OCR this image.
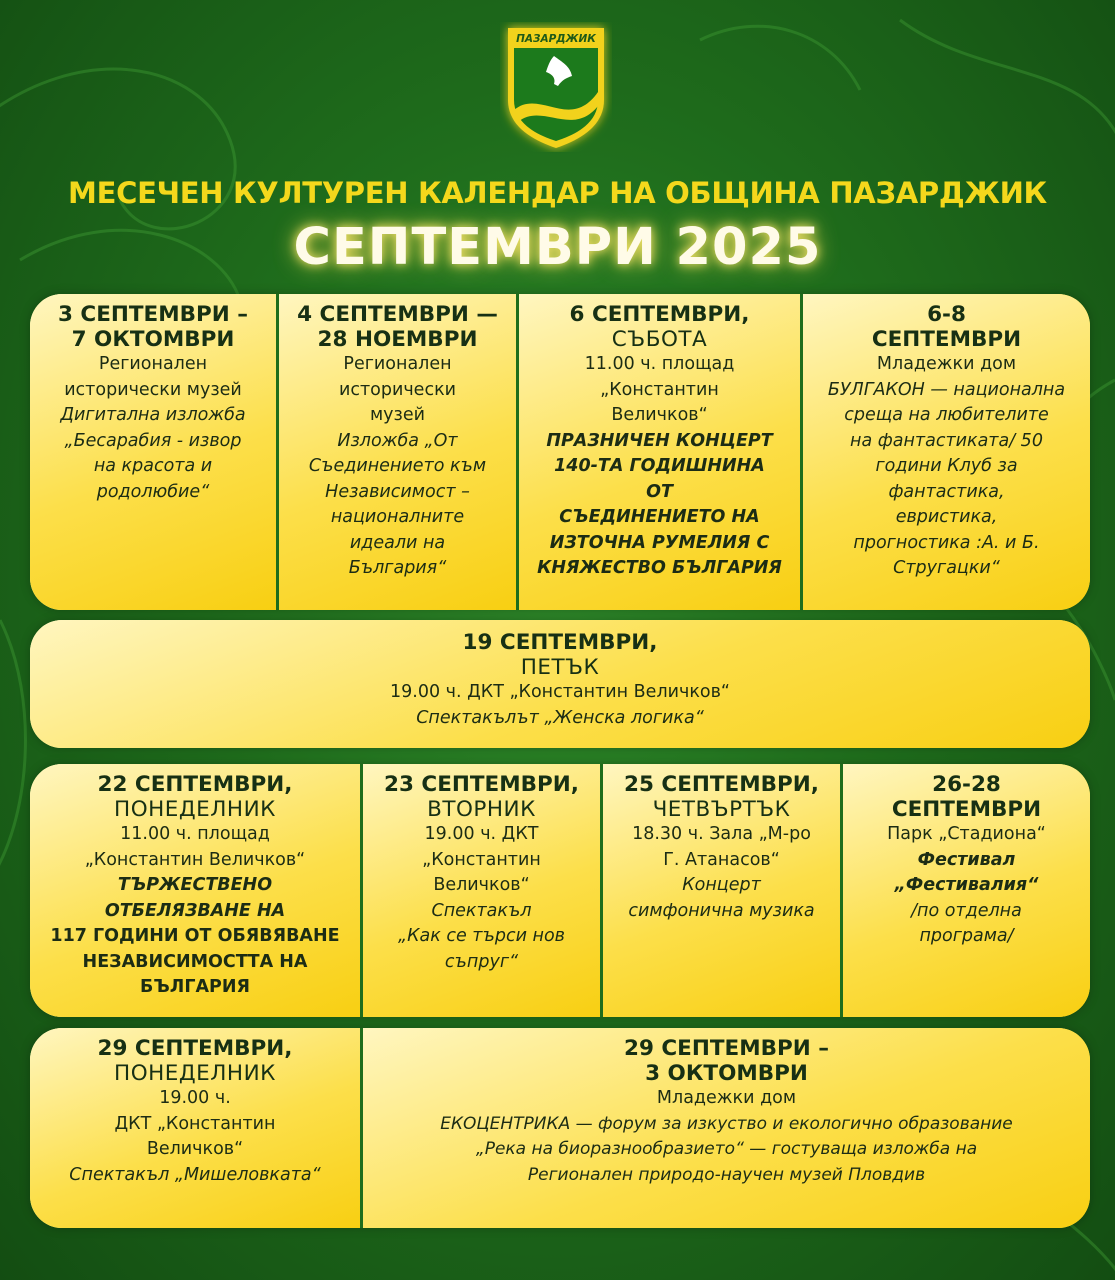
ПАЗАРДЖИК
МЕСЕЧЕН КУЛТУРЕН КАЛЕНДАР НА ОБЩИНА ПАЗАРДЖИК
СЕПТЕМВРИ 2025
3 СЕПТЕМВРИ –
7 ОКТОМВРИ
Регионален
исторически музей
Дигитална изложба
„Бесарабия - извор
на красота и
родолюбие“
4 СЕПТЕМВРИ —
28 НОЕМВРИ
Регионален
исторически
музей
Изложба „От
Съединението към
Независимост –
националните
идеали на
България“
6 СЕПТЕМВРИ,
СЪБОТА
11.00 ч. площад
„Константин
Величков“
ПРАЗНИЧЕН КОНЦЕРТ
140-ТА ГОДИШНИНА
ОТ
СЪЕДИНЕНИЕТО НА
ИЗТОЧНА РУМЕЛИЯ С
КНЯЖЕСТВО БЪЛГАРИЯ
6-8
СЕПТЕМВРИ
Младежки дом
БУЛГАКОН — национална
среща на любителите
на фантастиката/ 50
години Клуб за
фантастика,
евристика,
прогностика :А. и Б.
Стругацки“
19 СЕПТЕМВРИ,
ПЕТЪК
19.00 ч. ДКТ „Константин Величков“
Спектакълът „Женска логика“
22 СЕПТЕМВРИ,
ПОНЕДЕЛНИК
11.00 ч. площад
„Константин Величков“
ТЪРЖЕСТВЕНО
ОТБЕЛЯЗВАНЕ НА
117 ГОДИНИ ОТ ОБЯВЯВАНЕ
НЕЗАВИСИМОСТТА НА
БЪЛГАРИЯ
23 СЕПТЕМВРИ,
ВТОРНИК
19.00 ч. ДКТ
„Константин
Величков“
Спектакъл
„Как се търси нов
съпруг“
25 СЕПТЕМВРИ,
ЧЕТВЪРТЪК
18.30 ч. Зала „М-ро
Г. Атанасов“
Концерт
симфонична музика
26-28
СЕПТЕМВРИ
Парк „Стадиона“
Фестивал
„Фестивалия“
/по отделна
програма/
29 СЕПТЕМВРИ,
ПОНЕДЕЛНИК
19.00 ч.
ДКТ „Константин
Величков“
Спектакъл „Мишеловката“
29 СЕПТЕМВРИ –
3 ОКТОМВРИ
Младежки дом
ЕКОЦЕНТРИКА — форум за изкуство и екологично образование
„Река на биоразнообразието“ — гостуваща изложба на
Регионален природо-научен музей Пловдив
